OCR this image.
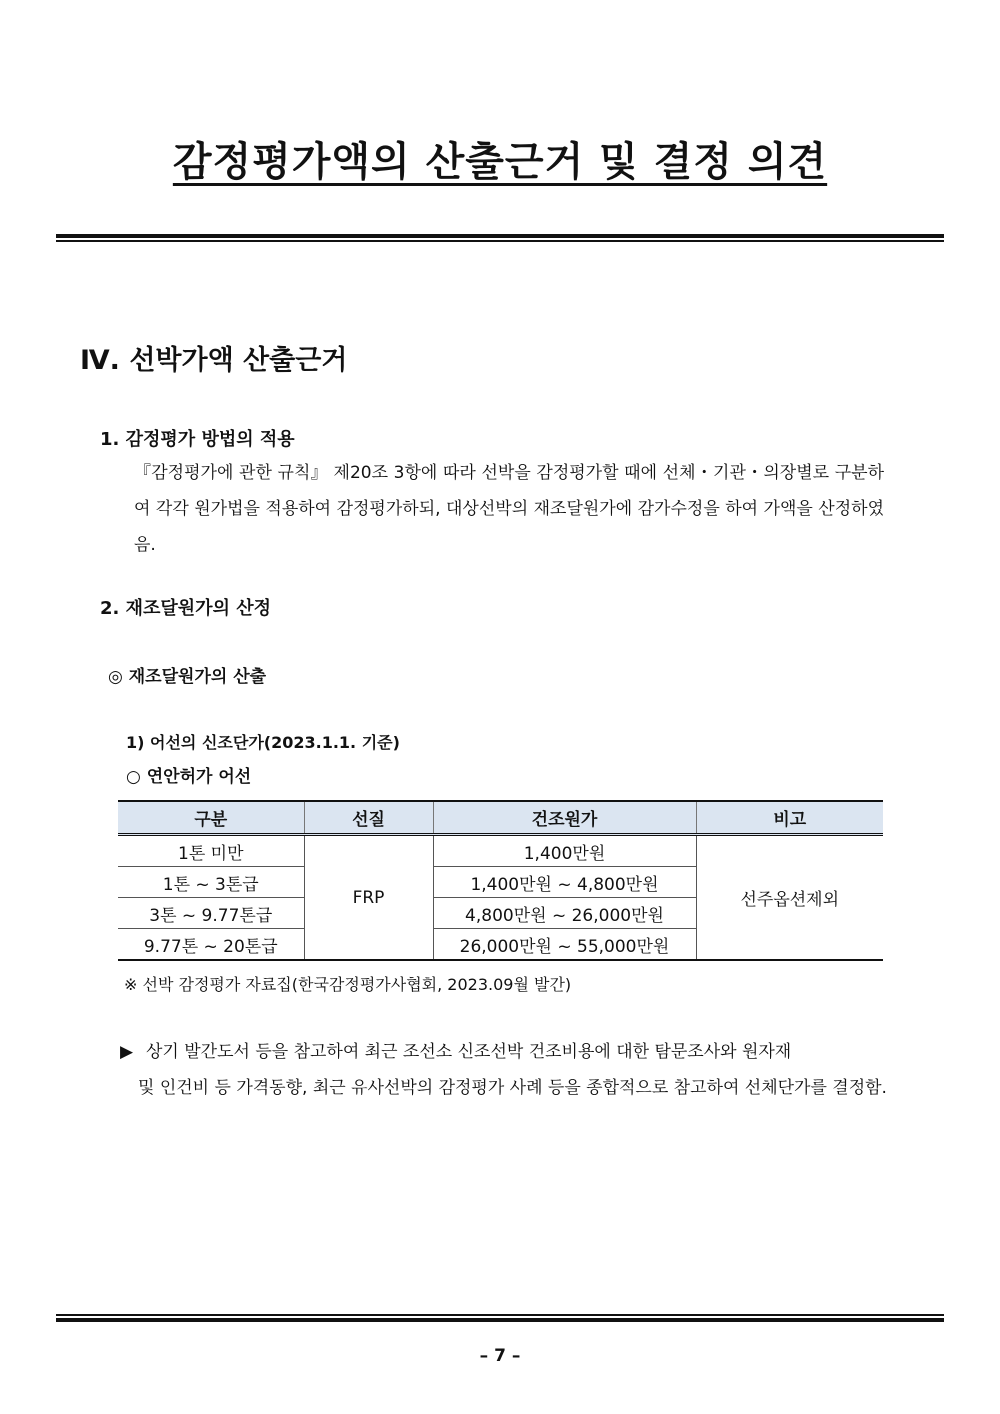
감정평가액의 산출근거 및 결정 의견
Ⅳ. 선박가액 산출근거
1. 감정평가 방법의 적용
『감정평가에 관한 규칙』 제20조 3항에 따라 선박을 감정평가할 때에 선체・기관・의장별로 구분하여 각각 원가법을 적용하여 감정평가하되, 대상선박의 재조달원가에 감가수정을 하여 가액을 산정하였음.
2. 재조달원가의 산정
◎ 재조달원가의 산출
1) 어선의 신조단가(2023.1.1. 기준)
○ 연안허가 어선
구분	선질	건조원가	비고
1톤 미만	FRP	1,400만원	선주옵션제외
1톤 ~ 3톤급		1,400만원 ~ 4,800만원	
3톤 ~ 9.77톤급		4,800만원 ~ 26,000만원	
9.77톤 ~ 20톤급		26,000만원 ~ 55,000만원	
※ 선박 감정평가 자료집(한국감정평가사협회, 2023.09월 발간)
▶ 상기 발간도서 등을 참고하여 최근 조선소 신조선박 건조비용에 대한 탐문조사와 원자재
및 인건비 등 가격동향, 최근 유사선박의 감정평가 사례 등을 종합적으로 참고하여 선체단가를 결정함.
– 7 –
